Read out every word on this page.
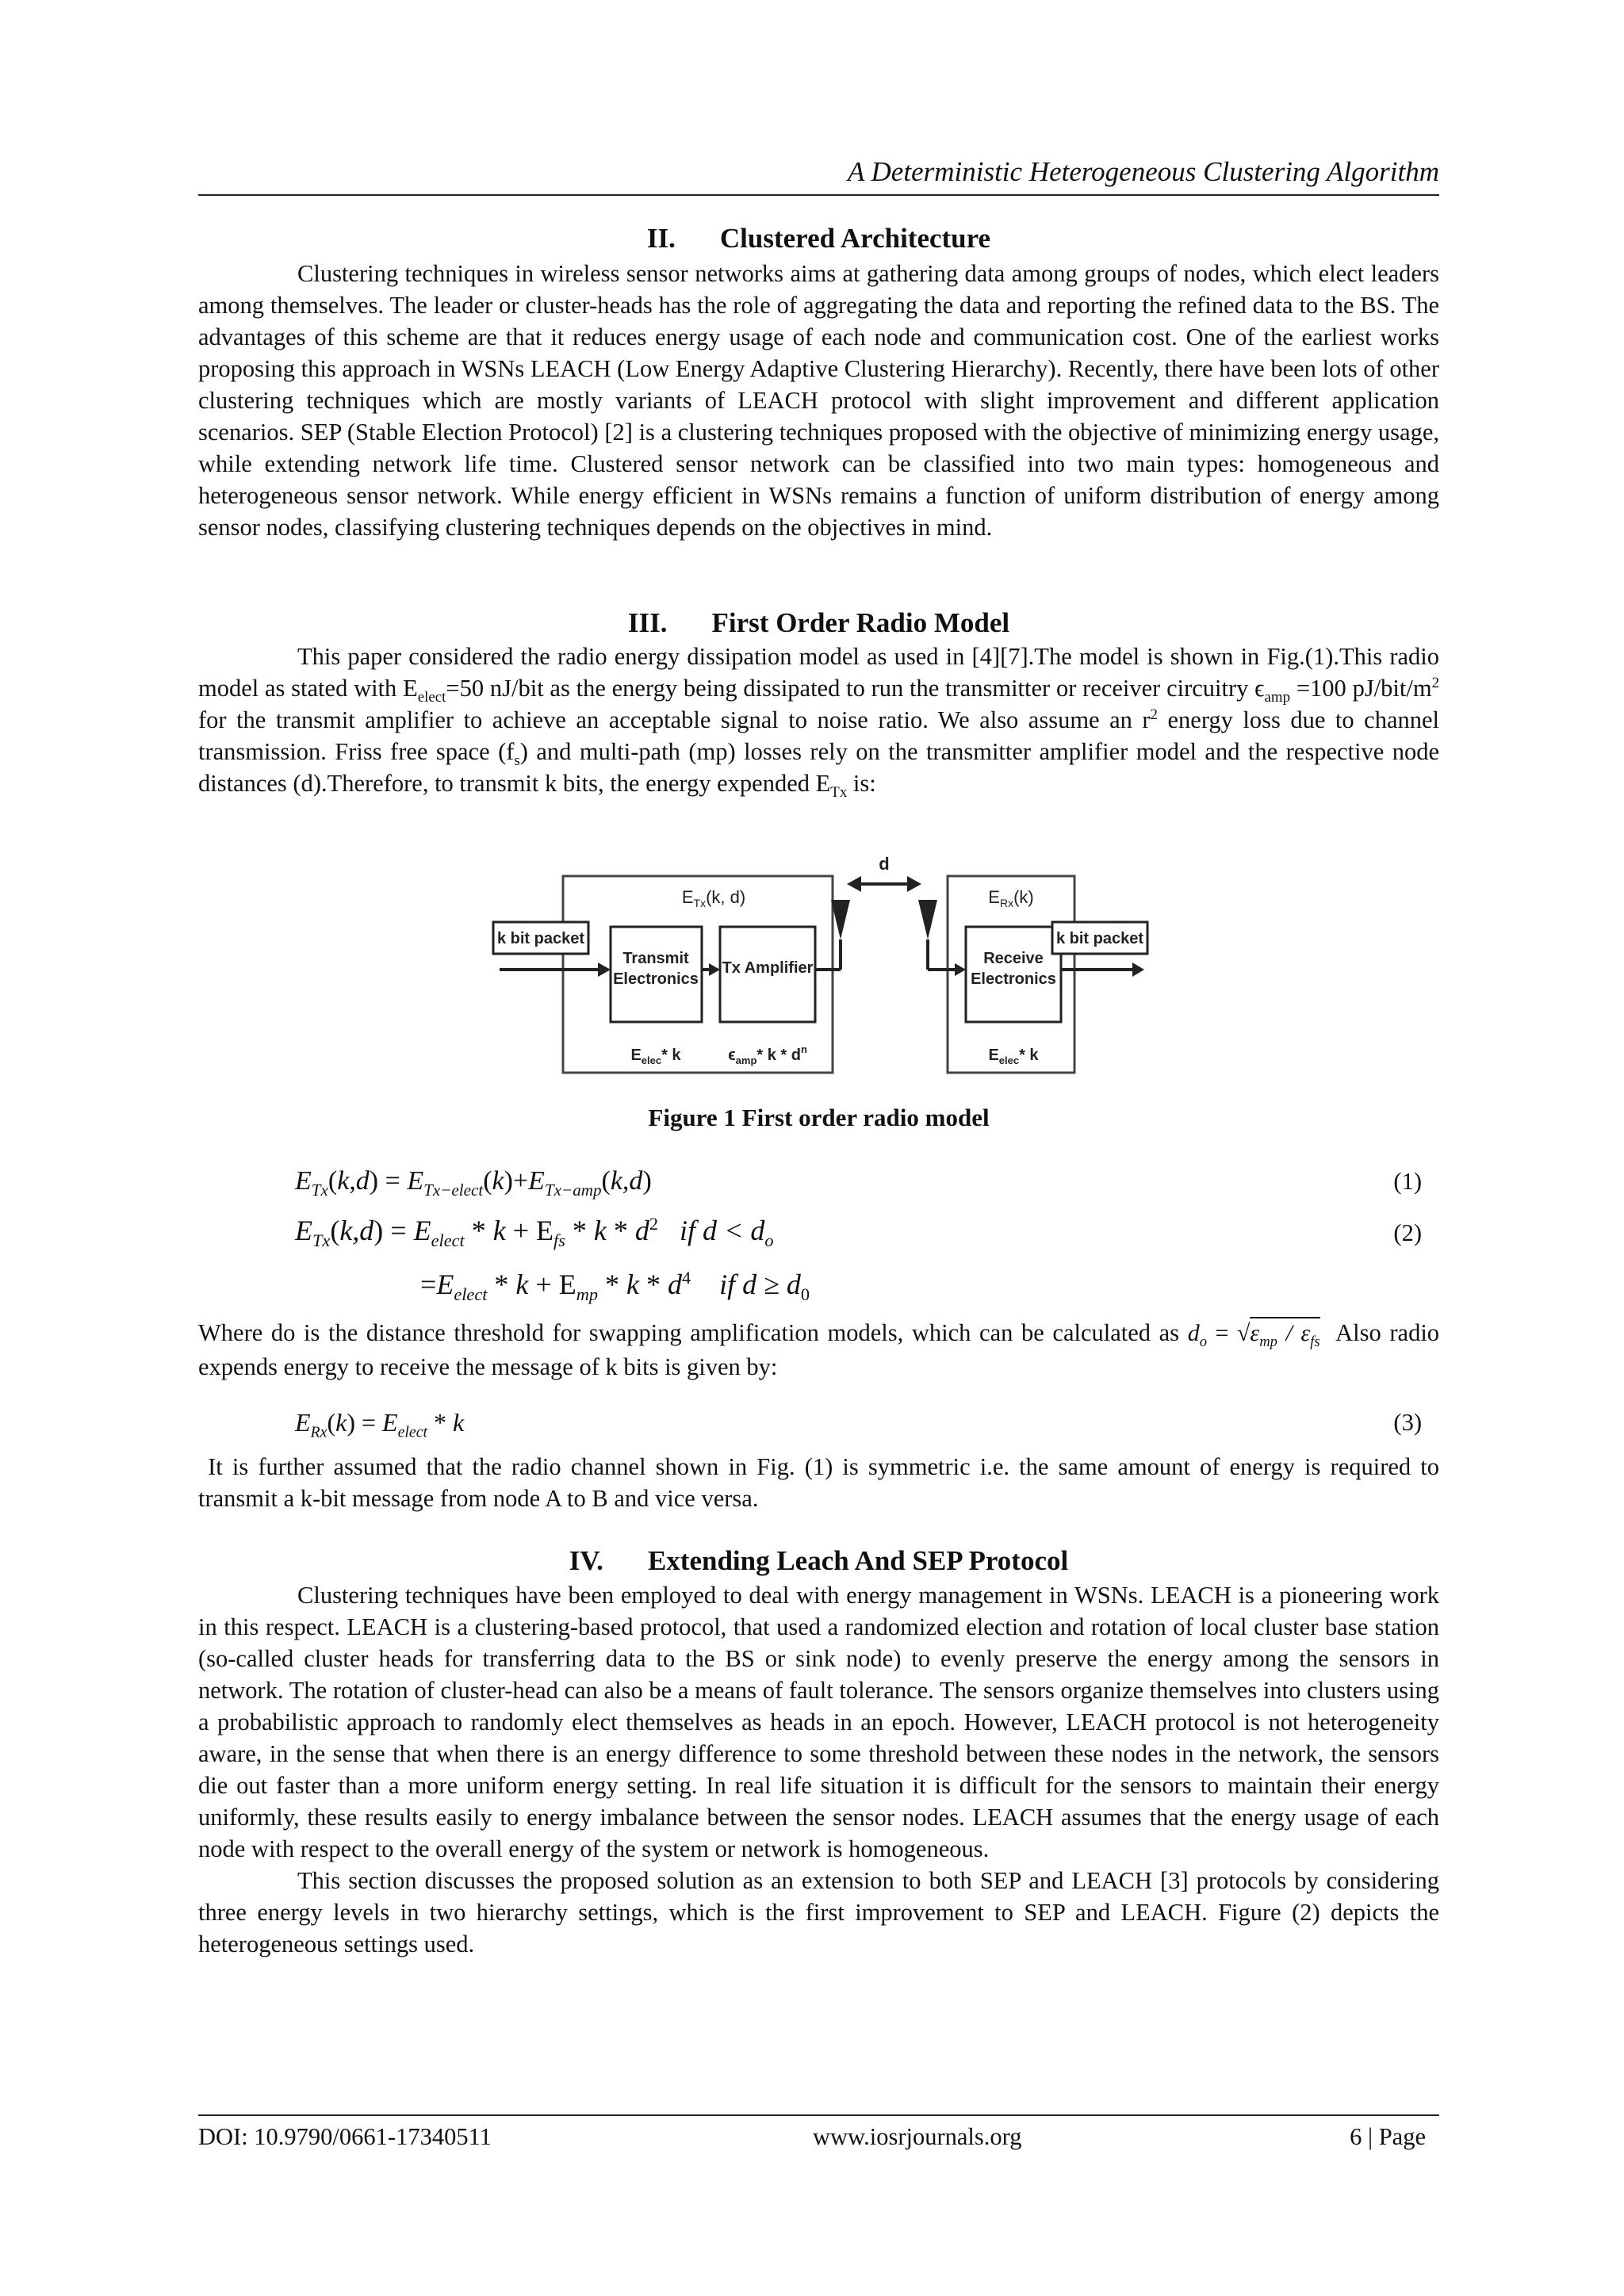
A Deterministic Heterogeneous Clustering Algorithm
II. Clustered Architecture

Clustering techniques in wireless sensor networks aims at gathering data among groups of nodes, which elect leaders among themselves. The leader or cluster-heads has the role of aggregating the data and reporting the refined data to the BS. The advantages of this scheme are that it reduces energy usage of each node and communication cost. One of the earliest works proposing this approach in WSNs LEACH (Low Energy Adaptive Clustering Hierarchy). Recently, there have been lots of other clustering techniques which are mostly variants of LEACH protocol with slight improvement and different application scenarios. SEP (Stable Election Protocol) [2] is a clustering techniques proposed with the objective of minimizing energy usage, while extending network life time. Clustered sensor network can be classified into two main types: homogeneous and heterogeneous sensor network. While energy efficient in WSNs remains a function of uniform distribution of energy among sensor nodes, classifying clustering techniques depends on the objectives in mind.

III. First Order Radio Model

This paper considered the radio energy dissipation model as used in [4][7].The model is shown in Fig.(1).This radio model as stated with $E_{elect}=50$ nJ/bit as the energy being dissipated to run the transmitter or receiver circuitry $\epsilon_{amp} =100$ $pJ/bit/m^2$ for the transmit amplifier to achieve an acceptable signal to noise ratio. We also assume an $r^2$ energy loss due to channel transmission. Friss free space $(f_s)$ and multi-path (mp) losses rely on the transmitter amplifier model and the respective node distances (d).Therefore, to transmit k bits, the energy expended $E_{Tx}$ is:

d
$E_{Tx}(k$, d)
k bit packet
Transmit
Electronics
Tx Amplifier
$E_{elec}*$ k	$\epsilon_{amp}*$ k * $d^n$
$E_{Rx}(k)$
Receive
Electronics
$E_{elec}*$ k
k bit packet
Figure 1 First order radio model
$E_{Tx}(k,d) = E_{Tx-elect}(k)+E_{Tx-amp}(k,d)$	(1)
$E_{Tx}(k,d) = E_{elect} * k + E_{fs} * k * d^2$   if $d < d_o$	(2)
$=E_{elect} * k + E_{mp} * k * d^4$    if $d \ge d_0$

Where do is the distance threshold for swapping amplification models, which can be calculated as $d_o = √\varepsilon_{mp} / \varepsilon_{fs}$ Also radio expends energy to receive the message of k bits is given by:

$E_{Rx}(k) = E_{elect} * k$	(3)

It is further assumed that the radio channel shown in Fig. (1) is symmetric i.e. the same amount of energy is required to transmit a k-bit message from node A to B and vice versa.

IV. Extending Leach And SEP Protocol

Clustering techniques have been employed to deal with energy management in WSNs. LEACH is a pioneering work in this respect. LEACH is a clustering-based protocol, that used a randomized election and rotation of local cluster base station (so-called cluster heads for transferring data to the BS or sink node) to evenly preserve the energy among the sensors in network. The rotation of cluster-head can also be a means of fault tolerance. The sensors organize themselves into clusters using a probabilistic approach to randomly elect themselves as heads in an epoch. However, LEACH protocol is not heterogeneity aware, in the sense that when there is an energy difference to some threshold between these nodes in the network, the sensors die out faster than a more uniform energy setting. In real life situation it is difficult for the sensors to maintain their energy uniformly, these results easily to energy imbalance between the sensor nodes. LEACH assumes that the energy usage of each node with respect to the overall energy of the system or network is homogeneous.

This section discusses the proposed solution as an extension to both SEP and LEACH [3] protocols by considering three energy levels in two hierarchy settings, which is the first improvement to SEP and LEACH. Figure (2) depicts the heterogeneous settings used.

DOI: 10.9790/0661-17340511	www.iosrjournals.org	6 | Page
